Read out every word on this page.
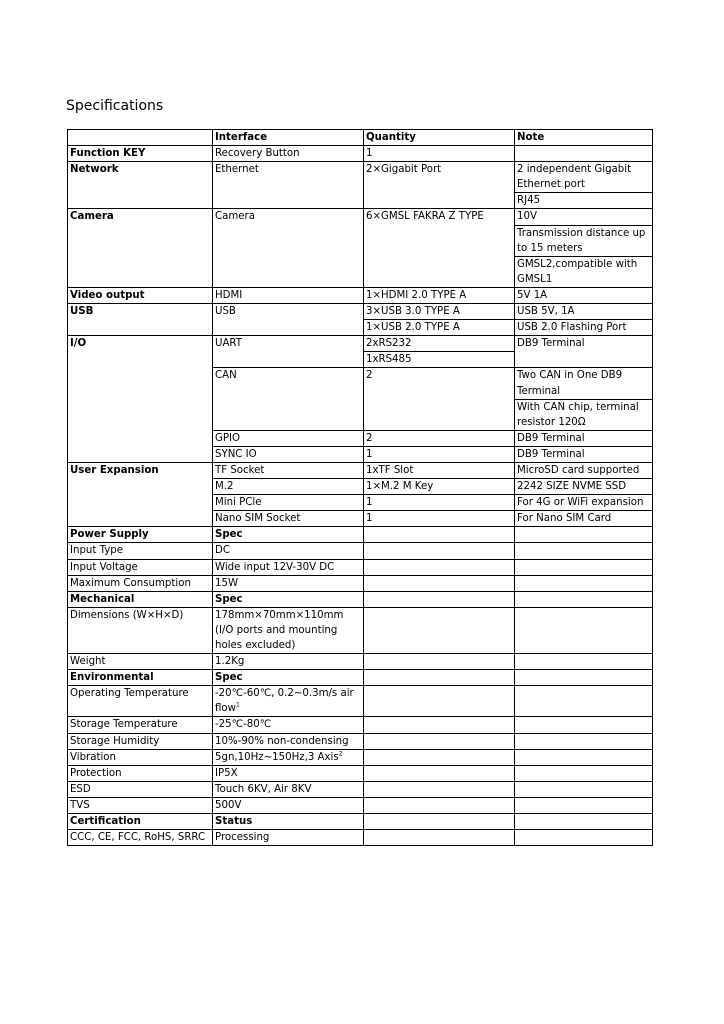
Specifications
	Interface	Quantity	Note
Function KEY	Recovery Button	1	
Network	Ethernet	2×Gigabit Port	2 independent Gigabit Ethernet port
			RJ45
Camera	Camera	6×GMSL FAKRA Z TYPE	10V
			Transmission distance up to 15 meters
			GMSL2,compatible with GMSL1
Video output	HDMI	1×HDMI 2.0 TYPE A	5V 1A
USB	USB	3×USB 3.0 TYPE A	USB 5V, 1A
		1×USB 2.0 TYPE A	USB 2.0 Flashing Port
I/O	UART	2xRS232	DB9 Terminal
		1xRS485	
	CAN	2	Two CAN in One DB9 Terminal

			With CAN chip, terminal resistor 120Ω
	GPIO	2	DB9 Terminal
	SYNC IO	1	DB9 Terminal
User Expansion	TF Socket	1xTF Slot	MicroSD card supported
	M.2	1×M.2 M Key	2242 SIZE NVME SSD
	Mini PCle	1	For 4G or WiFi expansion
	Nano SIM Socket	1	For Nano SIM Card
Power Supply	Spec		
Input Type	DC		
Input Voltage	Wide input 12V-30V DC		
Maximum Consumption	15W		
Mechanical	Spec		
Dimensions (W×H×D)	178mm×70mm×110mm (I/O ports and mounting holes excluded)		
Weight	1.2Kg		
Environmental	Spec		
Operating Temperature	-20℃-60℃, 0.2~0.3m/s air flow$^1$		
Storage Temperature	-25℃-80℃		
Storage Humidity	10%-90% non-condensing		
Vibration	5gn,10Hz~150Hz,3 Axis$^2$		
Protection	IP5X		
ESD	Touch 6KV, Air 8KV		
TVS	500V		
Certification	Status		
CCC, CE, FCC, RoHS, SRRC	Processing		
